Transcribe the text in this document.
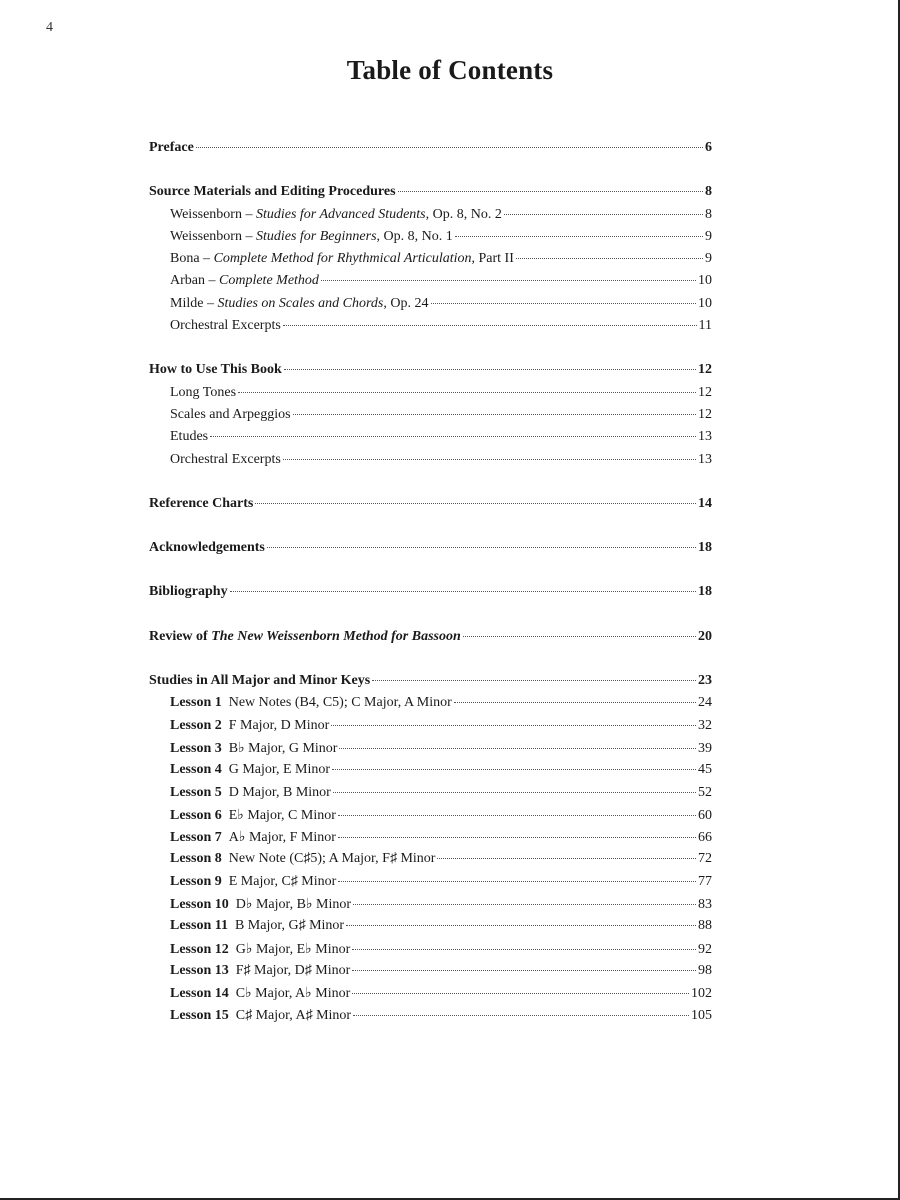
4
Table of Contents
Preface	6
Source Materials and Editing Procedures	8
Weissenborn – Studies for Advanced Students, Op. 8, No. 2	8
Weissenborn – Studies for Beginners, Op. 8, No. 1	9
Bona – Complete Method for Rhythmical Articulation, Part II	9
Arban – Complete Method	10
Milde – Studies on Scales and Chords, Op. 24	10
Orchestral Excerpts	11
How to Use This Book	12
Long Tones	12
Scales and Arpeggios	12
Etudes	13
Orchestral Excerpts	13
Reference Charts	14
Acknowledgements	18
Bibliography	18
Review of The New Weissenborn Method for Bassoon	20
Studies in All Major and Minor Keys	23
Lesson 1  New Notes (B4, C5); C Major, A Minor	24
Lesson 2  F Major, D Minor	32
Lesson 3  B♭ Major, G Minor	39
Lesson 4  G Major, E Minor	45
Lesson 5  D Major, B Minor	52
Lesson 6  E♭ Major, C Minor	60
Lesson 7  A♭ Major, F Minor	66
Lesson 8  New Note (C♯5); A Major, F♯ Minor	72
Lesson 9  E Major, C♯ Minor	77
Lesson 10  D♭ Major, B♭ Minor	83
Lesson 11  B Major, G♯ Minor	88
Lesson 12  G♭ Major, E♭ Minor	92
Lesson 13  F♯ Major, D♯ Minor	98
Lesson 14  C♭ Major, A♭ Minor	102
Lesson 15  C♯ Major, A♯ Minor	105
